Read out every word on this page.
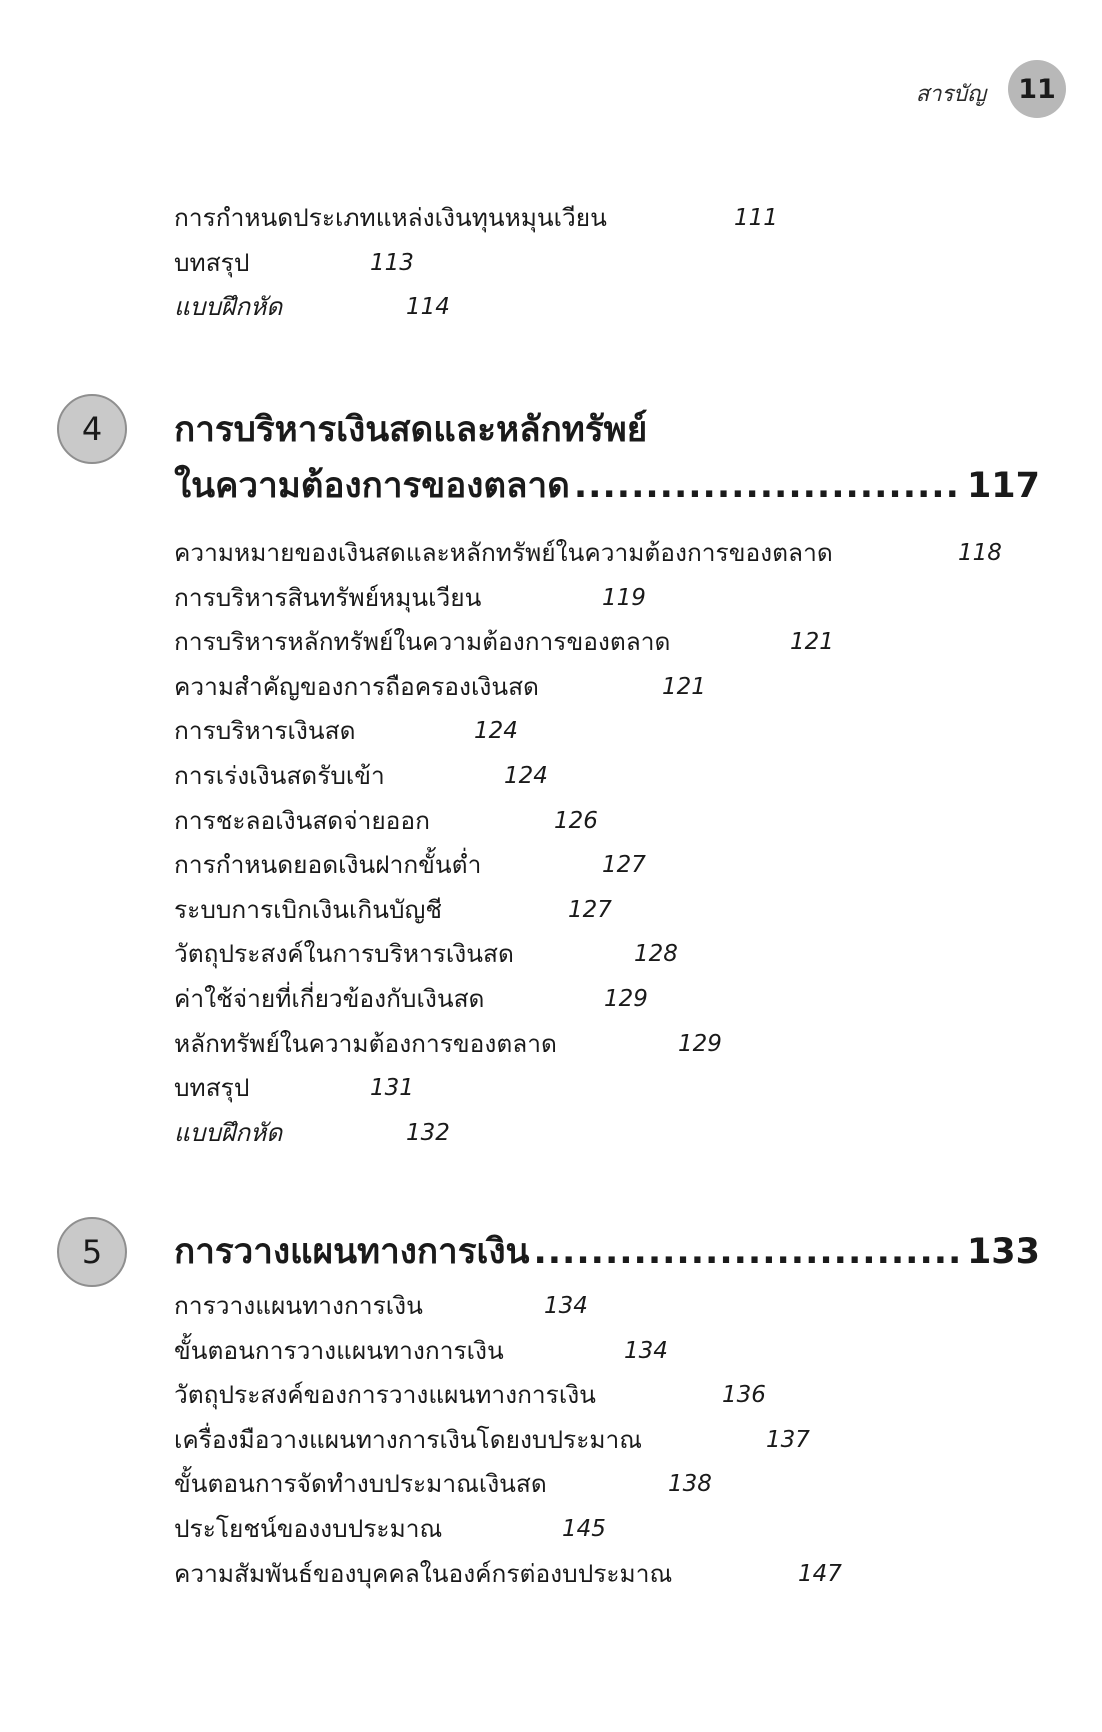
สารบัญ	11
การกำหนดประเภทแหล่งเงินทุนหมุนเวียน	111
บทสรุป	113
แบบฝึกหัด	114
4	การบริหารเงินสดและหลักทรัพย์
ในความต้องการของตลาด .....	117
ความหมายของเงินสดและหลักทรัพย์ในความต้องการของตลาด	118
การบริหารสินทรัพย์หมุนเวียน	119
การบริหารหลักทรัพย์ในความต้องการของตลาด	121
ความสำคัญของการถือครองเงินสด	121
การบริหารเงินสด	124
การเร่งเงินสดรับเข้า	124
การชะลอเงินสดจ่ายออก	126
การกำหนดยอดเงินฝากขั้นต่ำ	127
ระบบการเบิกเงินเกินบัญชี	127
วัตถุประสงค์ในการบริหารเงินสด	128
ค่าใช้จ่ายที่เกี่ยวข้องกับเงินสด	129
หลักทรัพย์ในความต้องการของตลาด	129
บทสรุป	131
แบบฝึกหัด	132
5	การวางแผนทางการเงิน .....	133
การวางแผนทางการเงิน	134
ขั้นตอนการวางแผนทางการเงิน	134
วัตถุประสงค์ของการวางแผนทางการเงิน	136
เครื่องมือวางแผนทางการเงินโดยงบประมาณ	137
ขั้นตอนการจัดทำงบประมาณเงินสด	138
ประโยชน์ของงบประมาณ	145
ความสัมพันธ์ของบุคคลในองค์กรต่องบประมาณ	147
